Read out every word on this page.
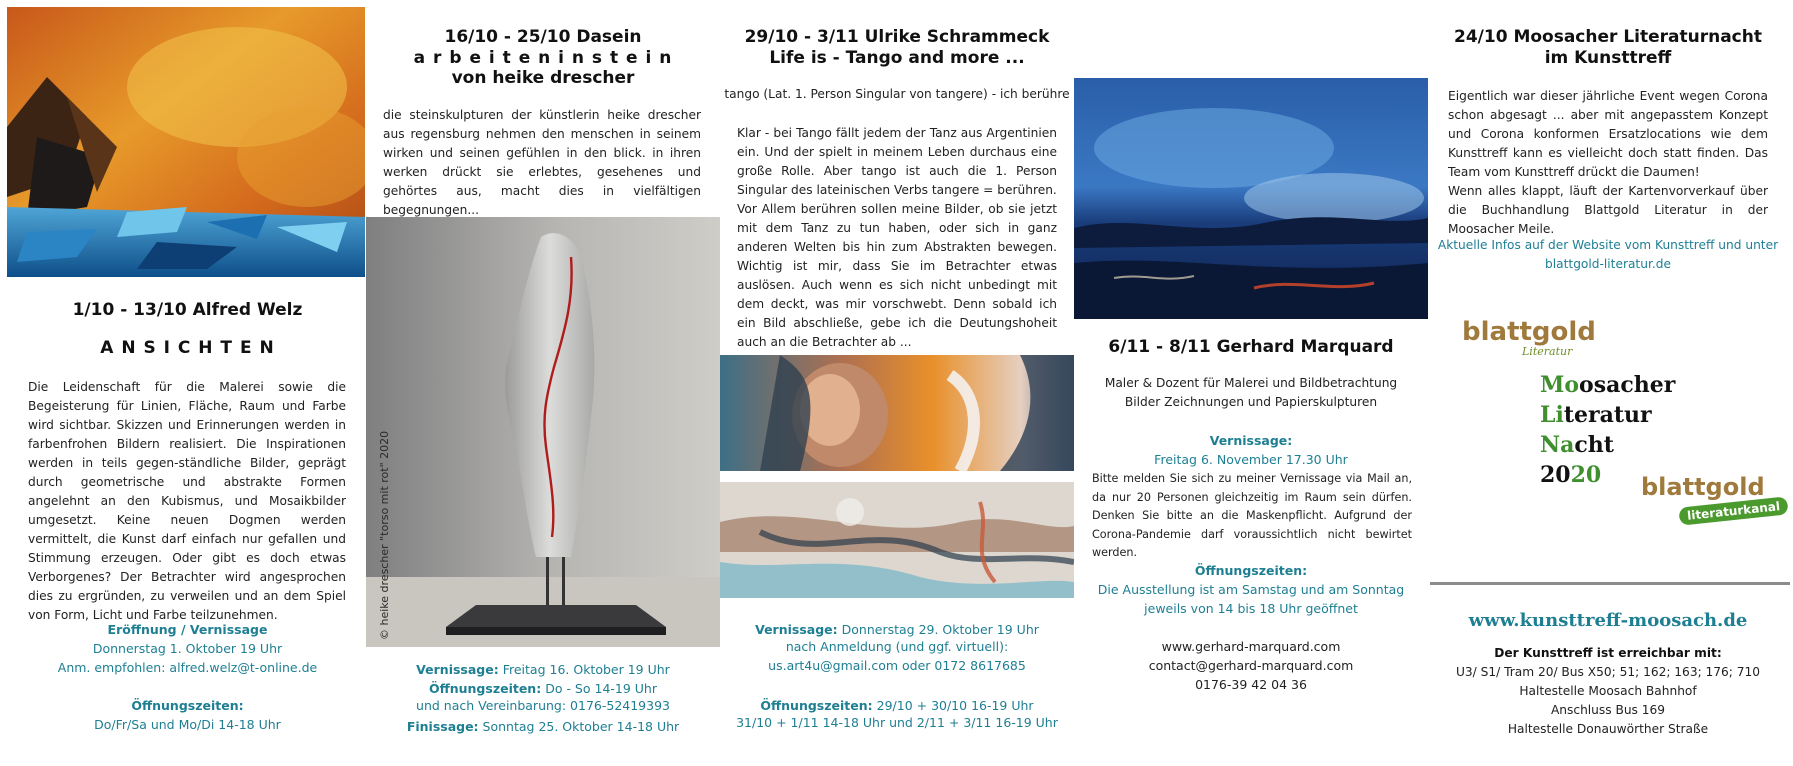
1/10 - 13/10 Alfred Welz
A N S I C H T E N
Die Leidenschaft für die Malerei sowie die Begeisterung für Linien, Fläche, Raum und Farbe wird sichtbar. Skizzen und Erinnerungen werden in farbenfrohen Bildern realisiert. Die Inspirationen werden in teils gegen-ständliche Bilder, geprägt durch geometrische und abstrakte Formen angelehnt an den Kubismus, und Mosaikbilder umgesetzt. Keine neuen Dogmen werden vermittelt, die Kunst darf einfach nur gefallen und Stimmung erzeugen. Oder gibt es doch etwas Verborgenes? Der Betrachter wird angesprochen dies zu ergründen, zu verweilen und an dem Spiel von Form, Licht und Farbe teilzunehmen.
Eröffnung / Vernissage
Donnerstag 1. Oktober 19 Uhr
Anm. empfohlen: alfred.welz@t-online.de
Öffnungszeiten:
Do/Fr/Sa und Mo/Di 14-18 Uhr
16/10 - 25/10 Dasein
a r b e i t e n i n s t e i n
von heike drescher
die steinskulpturen der künstlerin heike drescher aus regensburg nehmen den menschen in seinem wirken und seinen gefühlen in den blick. in ihren werken drückt sie erlebtes, gesehenes und gehörtes aus, macht dies in vielfältigen begegnungen...
© heike drescher "torso mit rot" 2020
Vernissage: Freitag 16. Oktober 19 Uhr
Öffnungszeiten: Do - So 14-19 Uhr
und nach Vereinbarung: 0176-52419393
Finissage: Sonntag 25. Oktober 14-18 Uhr
29/10 - 3/11 Ulrike Schrammeck
Life is - Tango and more ...
tango (Lat. 1. Person Singular von tangere) - ich berühre
Klar - bei Tango fällt jedem der Tanz aus Argentinien ein. Und der spielt in meinem Leben durchaus eine große Rolle. Aber tango ist auch die 1. Person Singular des lateinischen Verbs tangere = berühren.
Vor Allem berühren sollen meine Bilder, ob sie jetzt mit dem Tanz zu tun haben, oder sich in ganz anderen Welten bis hin zum Abstrakten bewegen. Wichtig ist mir, dass Sie im Betrachter etwas auslösen. Auch wenn es sich nicht unbedingt mit dem deckt, was mir vorschwebt. Denn sobald ich ein Bild abschließe, gebe ich die Deutungshoheit auch an die Betrachter ab ...
Vernissage: Donnerstag 29. Oktober 19 Uhr
nach Anmeldung (und ggf. virtuell):
us.art4u@gmail.com oder 0172 8617685
Öffnungszeiten: 29/10 + 30/10 16-19 Uhr
31/10 + 1/11 14-18 Uhr und 2/11 + 3/11 16-19 Uhr
6/11 - 8/11 Gerhard Marquard
Maler & Dozent für Malerei und Bildbetrachtung
Bilder Zeichnungen und Papierskulpturen
Vernissage:
Freitag 6. November 17.30 Uhr
Bitte melden Sie sich zu meiner Vernissage via Mail an, da nur 20 Personen gleichzeitig im Raum sein dürfen. Denken Sie bitte an die Maskenpflicht. Aufgrund der Corona-Pandemie darf voraussichtlich nicht bewirtet werden.
Öffnungszeiten:
Die Ausstellung ist am Samstag und am Sonntag
jeweils von 14 bis 18 Uhr geöffnet
www.gerhard-marquard.com
contact@gerhard-marquard.com
0176-39 42 04 36
24/10 Moosacher Literaturnacht
im Kunsttreff
Eigentlich war dieser jährliche Event wegen Corona schon abgesagt ... aber mit angepasstem Konzept und Corona konformen Ersatzlocations wie dem Kunsttreff kann es vielleicht doch statt finden. Das Team vom Kunsttreff drückt die Daumen!
Wenn alles klappt, läuft der Kartenvorverkauf über die Buchhandlung Blattgold Literatur in der Moosacher Meile.
Aktuelle Infos auf der Website vom Kunsttreff und unter
blattgold-literatur.de
blattgold
Literatur
Moosacher
Literatur
Nacht
2020	blattgold
literaturkanal
www.kunsttreff-moosach.de
Der Kunsttreff ist erreichbar mit:
U3/ S1/ Tram 20/ Bus X50; 51; 162; 163; 176; 710
Haltestelle Moosach Bahnhof
Anschluss Bus 169
Haltestelle Donauwörther Straße
